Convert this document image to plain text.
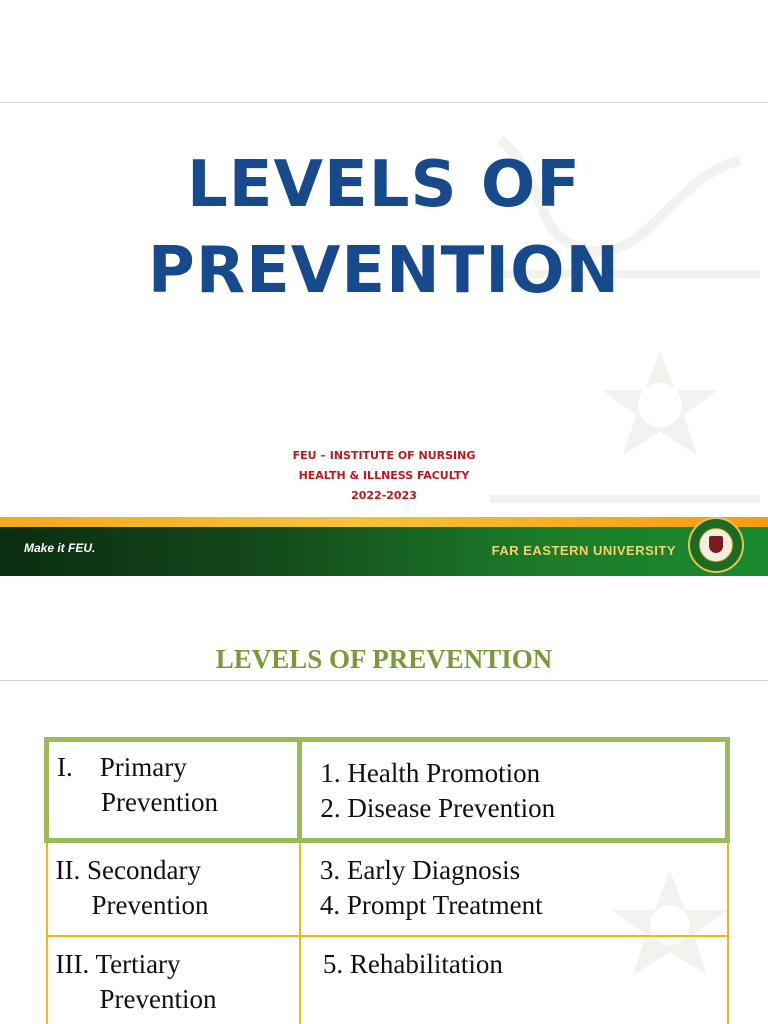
LEVELS OF
PREVENTION
FEU – INSTITUTE OF NURSING
HEALTH & ILLNESS FACULTY
2022-2023
Make it FEU.	FAR EASTERN UNIVERSITY
LEVELS OF PREVENTION
I.    Primary
Prevention	1. Health Promotion
2. Disease Prevention

II. Secondary
Prevention	3. Early Diagnosis
4. Prompt Treatment

III. Tertiary
Prevention	5. Rehabilitation
